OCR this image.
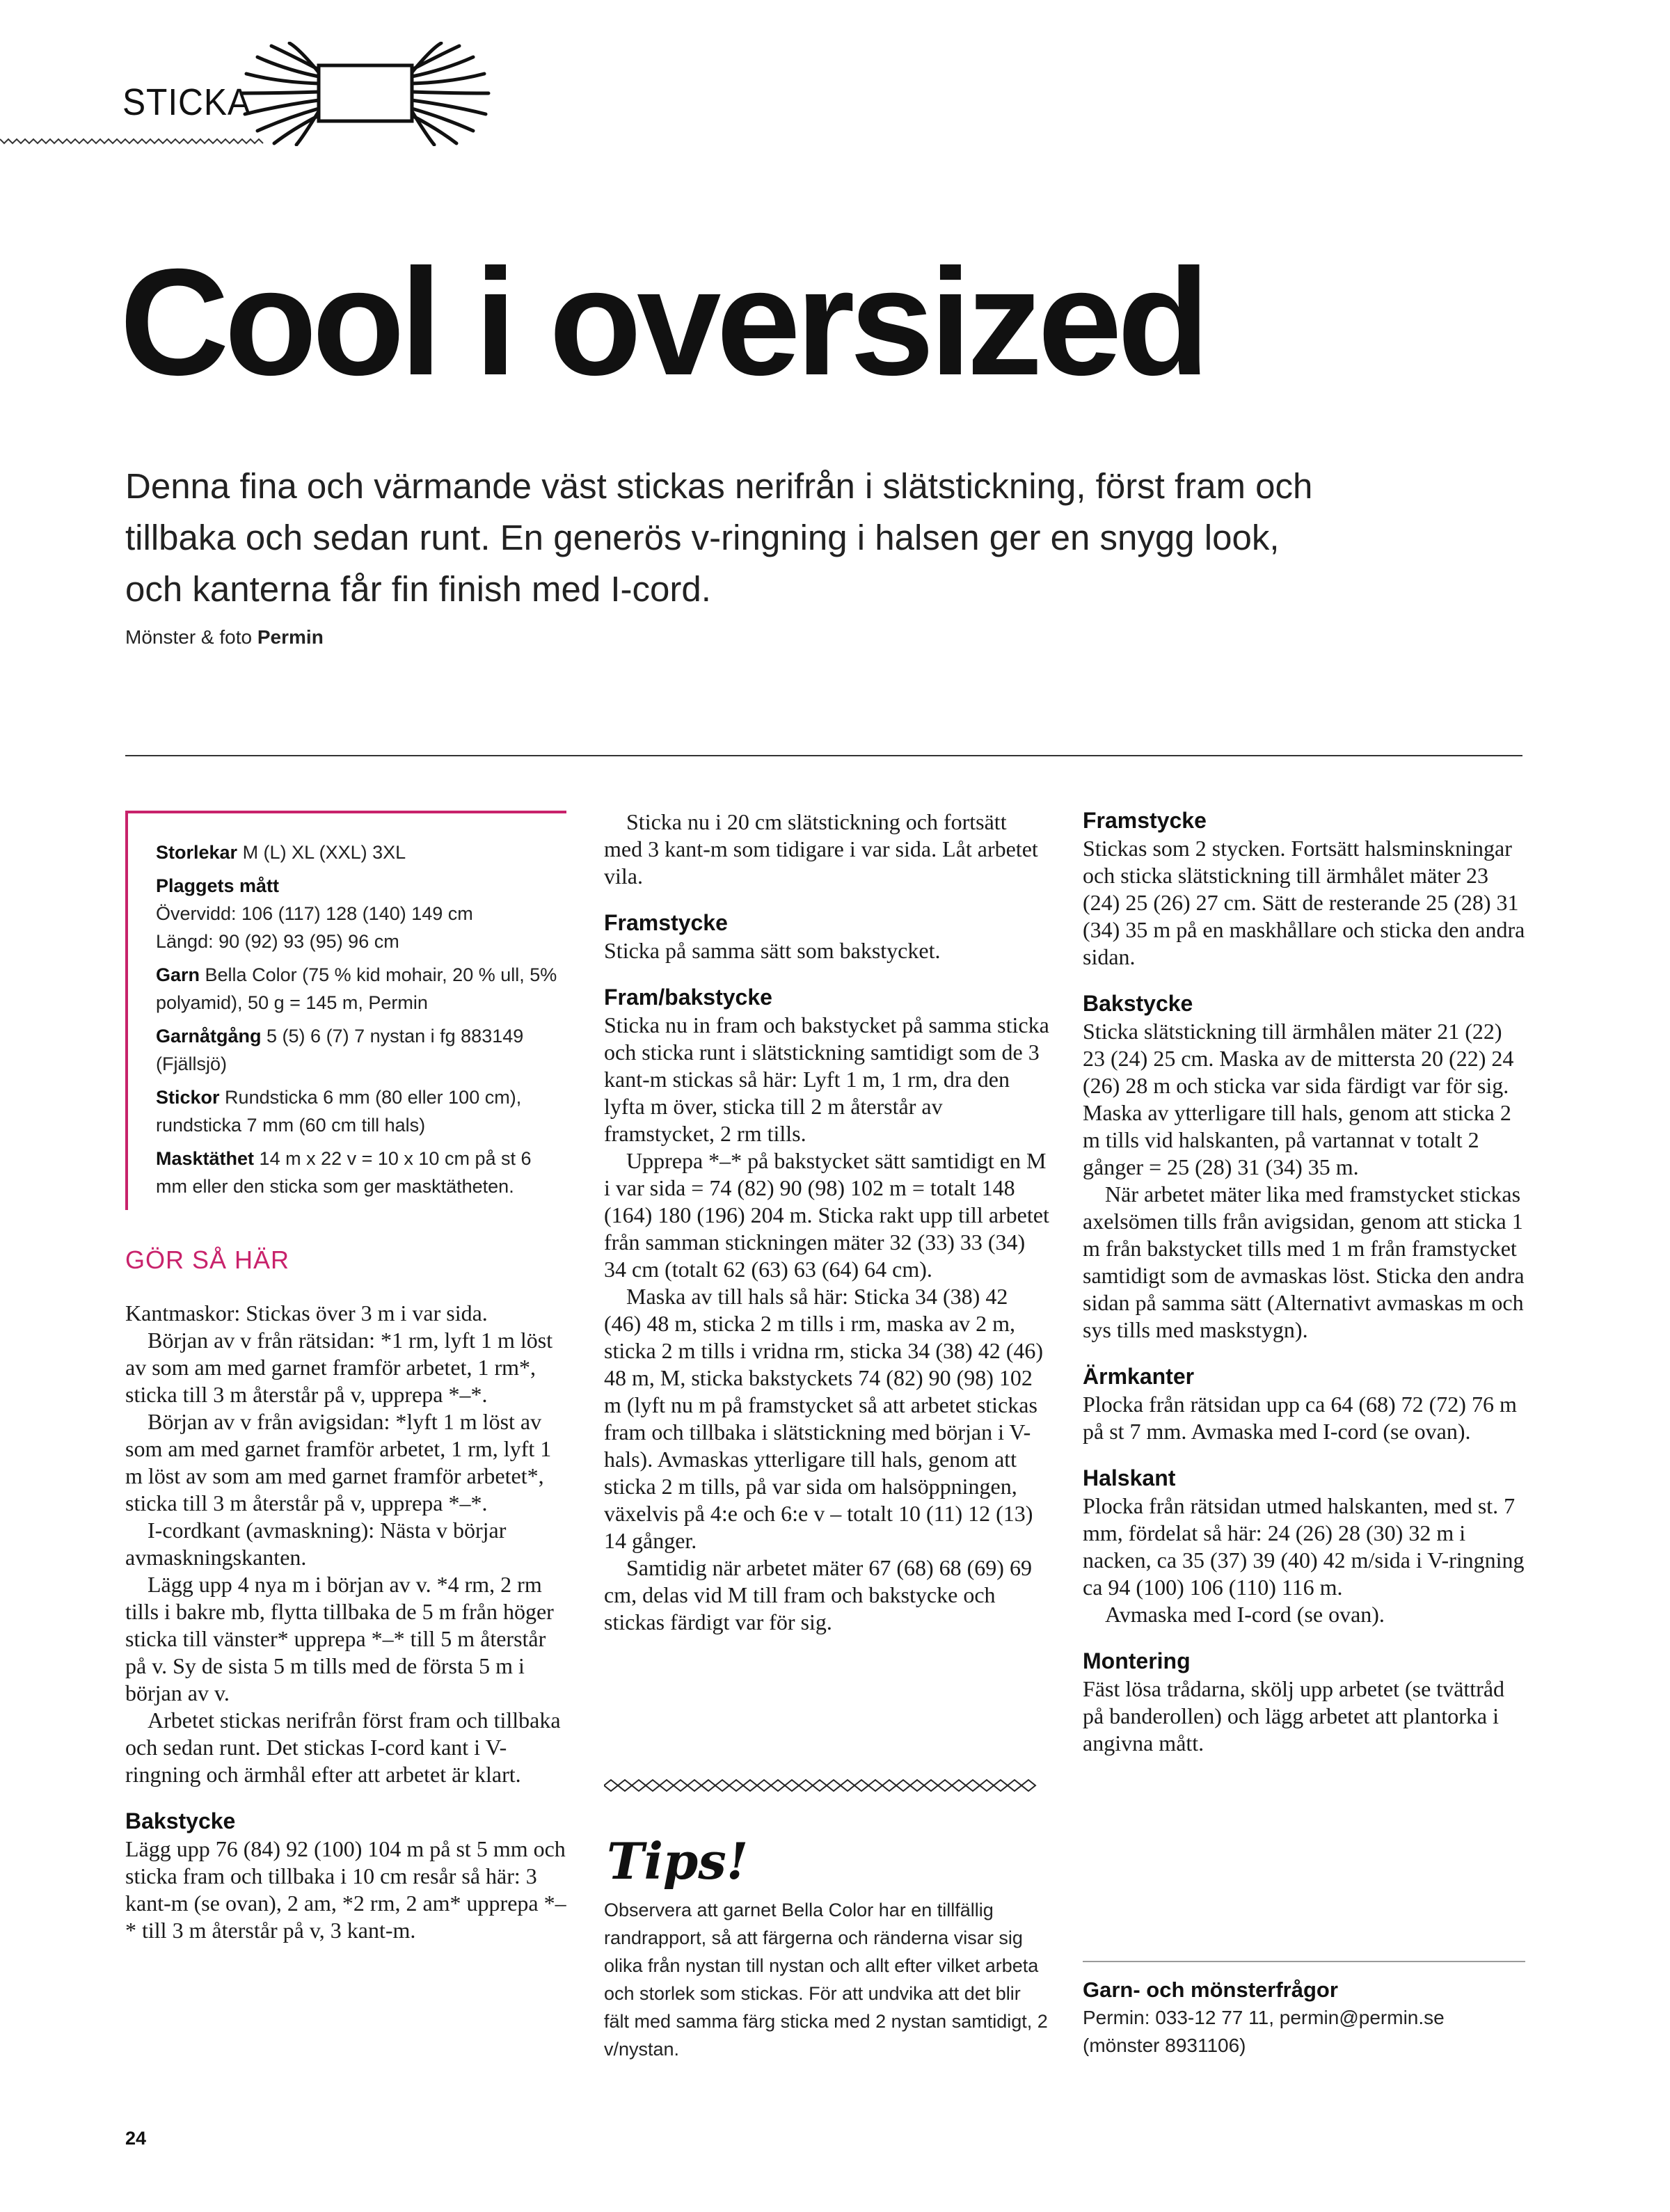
STICKA
Cool i oversized
Denna fina och värmande väst stickas nerifrån i slätstickning, först fram och
tillbaka och sedan runt. En generös v-ringning i halsen ger en snygg look,
och kanterna får fin finish med I-cord.
Mönster & foto Permin

Storlekar M (L) XL (XXL) 3XL

Plaggets mått
Övervidd: 106 (117) 128 (140) 149 cm
Längd: 90 (92) 93 (95) 96 cm

Garn Bella Color (75 % kid mohair, 20 % ull, 5% polyamid), 50 g = 145 m, Permin

Garnåtgång 5 (5) 6 (7) 7 nystan i fg 883149 (Fjällsjö)

Stickor Rundsticka 6 mm (80 eller 100 cm), rundsticka 7 mm (60 cm till hals)

Masktäthet 14 m x 22 v = 10 x 10 cm på st 6 mm eller den sticka som ger masktätheten.

GÖR SÅ HÄR

Kantmaskor: Stickas över 3 m i var sida.

Början av v från rätsidan: *1 rm, lyft 1 m löst av som am med garnet framför arbetet, 1 rm*, sticka till 3 m återstår på v, upprepa *–*.

Början av v från avigsidan: *lyft 1 m löst av som am med garnet framför arbetet, 1 rm, lyft 1 m löst av som am med garnet framför arbetet*, sticka till 3 m återstår på v, upprepa *–*.

I-cordkant (avmaskning): Nästa v börjar avmaskningskanten.

Lägg upp 4 nya m i början av v. *4 rm, 2 rm tills i bakre mb, flytta tillbaka de 5 m från höger sticka till vänster* upprepa *–* till 5 m återstår på v. Sy de sista 5 m tills med de första 5 m i början av v.

Arbetet stickas nerifrån först fram och tillbaka och sedan runt. Det stickas I-cord kant i V-ringning och ärmhål efter att arbetet är klart.

Bakstycke

Lägg upp 76 (84) 92 (100) 104 m på st 5 mm och sticka fram och tillbaka i 10 cm resår så här: 3 kant-m (se ovan), 2 am, *2 rm, 2 am* upprepa *–* till 3 m återstår på v, 3 kant-m.

Sticka nu i 20 cm slätstickning och fortsätt med 3 kant-m som tidigare i var sida. Låt arbetet vila.

Framstycke

Sticka på samma sätt som bakstycket.

Fram/bakstycke

Sticka nu in fram och bakstycket på samma sticka och sticka runt i slätstickning samtidigt som de 3 kant-m stickas så här: Lyft 1 m, 1 rm, dra den lyfta m över, sticka till 2 m återstår av framstycket, 2 rm tills.

Upprepa *–* på bakstycket sätt samtidigt en M i var sida = 74 (82) 90 (98) 102 m = totalt 148 (164) 180 (196) 204 m. Sticka rakt upp till arbetet från samman stickningen mäter 32 (33) 33 (34) 34 cm (totalt 62 (63) 63 (64) 64 cm).

Maska av till hals så här: Sticka 34 (38) 42 (46) 48 m, sticka 2 m tills i rm, maska av 2 m, sticka 2 m tills i vridna rm, sticka 34 (38) 42 (46) 48 m, M, sticka bakstyckets 74 (82) 90 (98) 102 m (lyft nu m på framstycket så att arbetet stickas fram och tillbaka i slätstickning med början i V-hals). Avmaskas ytterligare till hals, genom att sticka 2 m tills, på var sida om halsöppningen, växelvis på 4:e och 6:e v – totalt 10 (11) 12 (13) 14 gånger.

Samtidig när arbetet mäter 67 (68) 68 (69) 69 cm, delas vid M till fram och bakstycke och stickas färdigt var för sig.

Tips!
Observera att garnet Bella Color har en tillfällig randrapport, så att färgerna och ränderna visar sig olika från nystan till nystan och allt efter vilket arbeta och storlek som stickas. För att undvika att det blir fält med samma färg sticka med 2 nystan samtidigt, 2 v/nystan.
Framstycke

Stickas som 2 stycken. Fortsätt halsminskningar och sticka slätstickning till ärmhålet mäter 23 (24) 25 (26) 27 cm. Sätt de resterande 25 (28) 31 (34) 35 m på en maskhållare och sticka den andra sidan.

Bakstycke

Sticka slätstickning till ärmhålen mäter 21 (22) 23 (24) 25 cm. Maska av de mittersta 20 (22) 24 (26) 28 m och sticka var sida färdigt var för sig. Maska av ytterligare till hals, genom att sticka 2 m tills vid halskanten, på vartannat v totalt 2 gånger = 25 (28) 31 (34) 35 m.

När arbetet mäter lika med framstycket stickas axelsömen tills från avigsidan, genom att sticka 1 m från bakstycket tills med 1 m från framstycket samtidigt som de avmaskas löst. Sticka den andra sidan på samma sätt (Alternativt avmaskas m och sys tills med maskstygn).

Ärmkanter

Plocka från rätsidan upp ca 64 (68) 72 (72) 76 m på st 7 mm. Avmaska med I-cord (se ovan).

Halskant

Plocka från rätsidan utmed halskanten, med st. 7 mm, fördelat så här: 24 (26) 28 (30) 32 m i nacken, ca 35 (37) 39 (40) 42 m/sida i V-ringning ca 94 (100) 106 (110) 116 m.

Avmaska med I-cord (se ovan).

Montering

Fäst lösa trådarna, skölj upp arbetet (se tvättråd på banderollen) och lägg arbetet att plantorka i angivna mått.

Garn- och mönsterfrågor
Permin: 033-12 77 11, permin@permin.se
(mönster 8931106)
24
